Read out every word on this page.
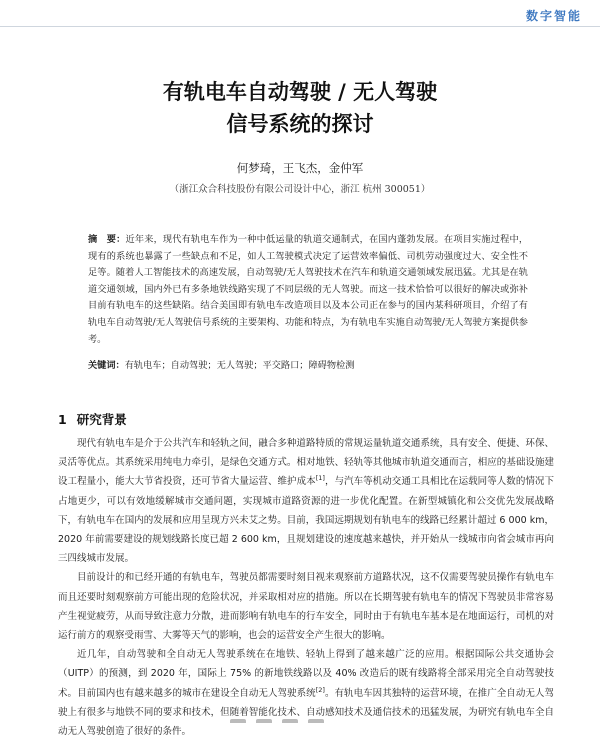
数字智能
有轨电车自动驾驶 / 无人驾驶
信号系统的探讨
何梦琦，王飞杰，金仲军
（浙江众合科技股份有限公司设计中心，浙江 杭州 300051）
摘　要：近年来，现代有轨电车作为一种中低运量的轨道交通制式，在国内蓬勃发展。在项目实施过程中，现有的系统也暴露了一些缺点和不足，如人工驾驶模式决定了运营效率偏低、司机劳动强度过大、安全性不足等。随着人工智能技术的高速发展，自动驾驶/无人驾驶技术在汽车和轨道交通领域发展迅猛。尤其是在轨道交通领域，国内外已有多条地铁线路实现了不同层级的无人驾驶。而这一技术恰恰可以很好的解决或弥补目前有轨电车的这些缺陷。结合美国即有轨电车改造项目以及本公司正在参与的国内某科研项目，介绍了有轨电车自动驾驶/无人驾驶信号系统的主要架构、功能和特点，为有轨电车实施自动驾驶/无人驾驶方案提供参考。
关键词：有轨电车；自动驾驶；无人驾驶；平交路口；障碍物检测
1 研究背景

现代有轨电车是介于公共汽车和轻轨之间，融合多种道路特质的常规运量轨道交通系统，具有安全、便捷、环保、灵活等优点。其系统采用纯电力牵引，是绿色交通方式。相对地铁、轻轨等其他城市轨道交通而言，相应的基础设施建设工程量小，能大大节省投资，还可节省大量运营、维护成本[1]，与汽车等机动交通工具相比在运载同等人数的情况下占地更少，可以有效地缓解城市交通问题，实现城市道路资源的进一步优化配置。在新型城镇化和公交优先发展战略下，有轨电车在国内的发展和应用呈现方兴未艾之势。目前，我国远期规划有轨电车的线路已经累计超过 6 000 km，2020 年前需要建设的规划线路长度已超 2 600 km，且规划建设的速度越来越快，并开始从一线城市向省会城市再向三四线城市发展。

目前设计的和已经开通的有轨电车，驾驶员都需要时刻目视来观察前方道路状况，这不仅需要驾驶员操作有轨电车而且还要时刻观察前方可能出现的危险状况，并采取相对应的措施。所以在长期驾驶有轨电车的情况下驾驶员非常容易产生视觉疲劳，从而导致注意力分散，进而影响有轨电车的行车安全，同时由于有轨电车基本是在地面运行，司机的对运行前方的观察受雨雪、大雾等天气的影响，也会的运营安全产生很大的影响。

近几年，自动驾驶和全自动无人驾驶系统在在地铁、轻轨上得到了越来越广泛的应用。根据国际公共交通协会（UITP）的预测，到 2020 年，国际上 75% 的新地铁线路以及 40% 改造后的既有线路将全部采用完全自动驾驶技术。目前国内也有越来越多的城市在建设全自动无人驾驶系统[2]。有轨电车因其独特的运营环境，在推广全自动无人驾驶上有很多与地铁不同的要求和技术，但随着智能化技术、自动感知技术及通信技术的迅猛发展，为研究有轨电车全自动无人驾驶创造了很好的条件。
